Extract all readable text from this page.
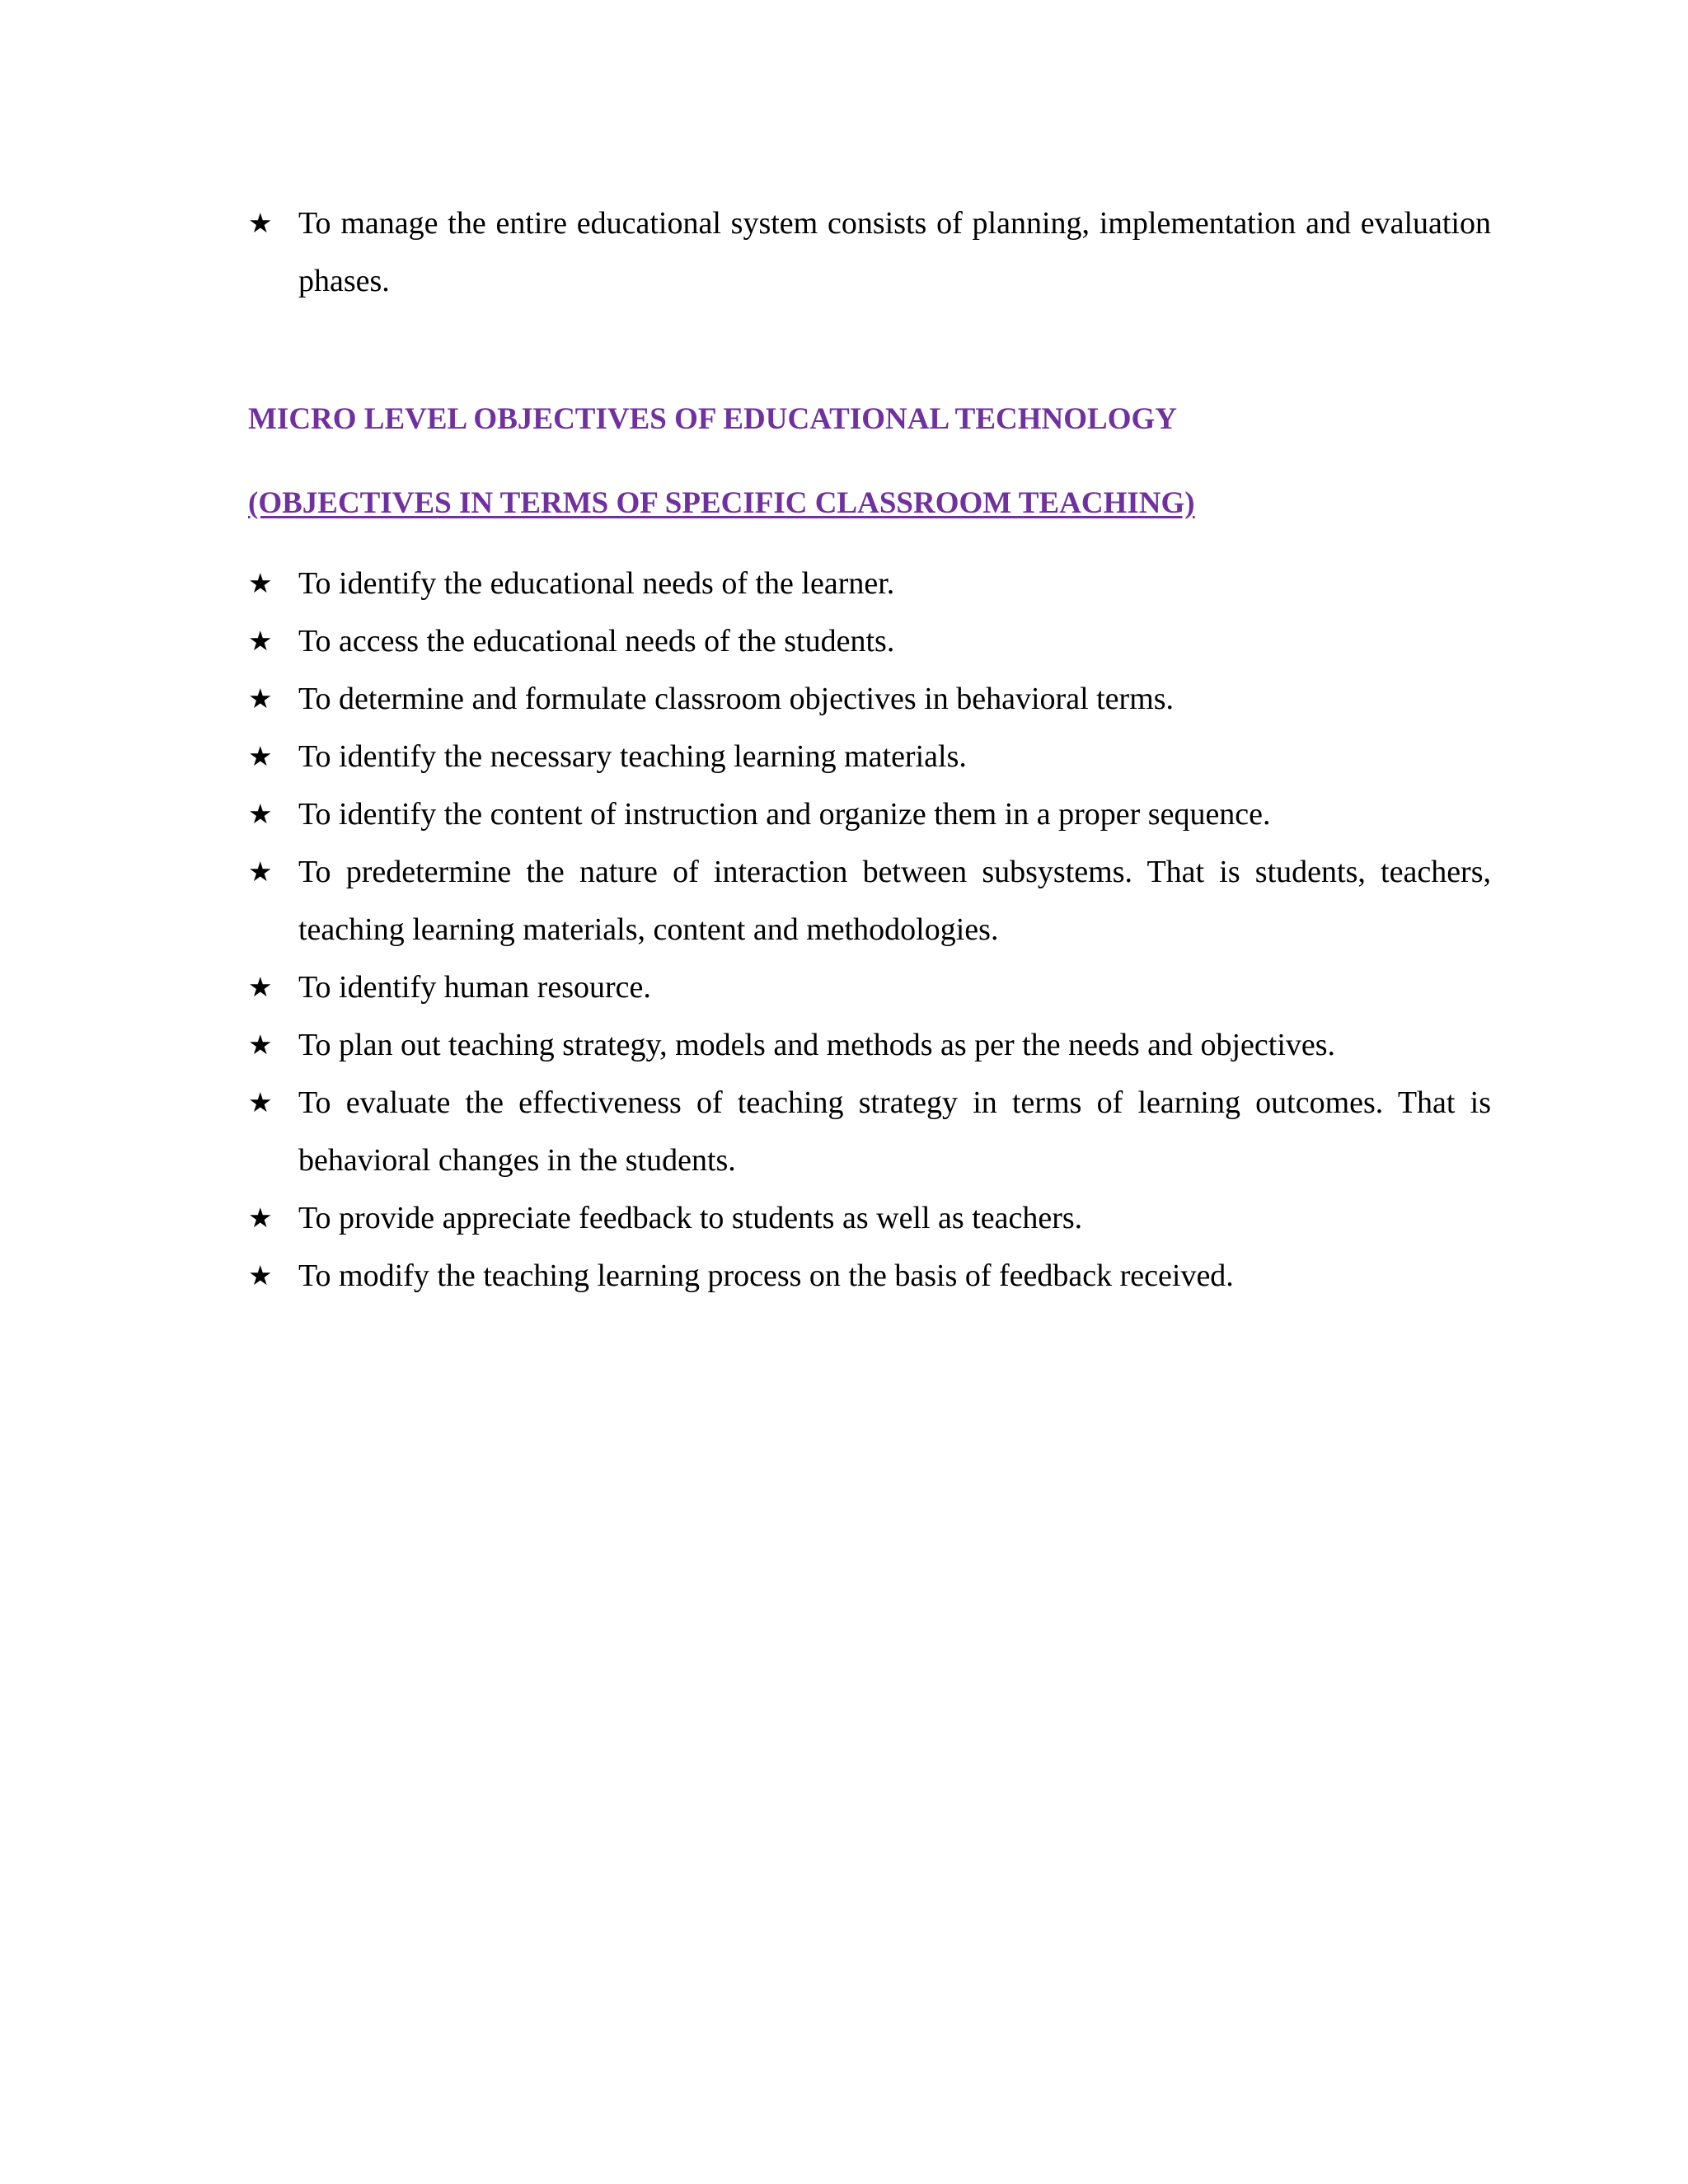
★ To manage the entire educational system consists of planning, implementation and evaluation phases.
MICRO LEVEL OBJECTIVES OF EDUCATIONAL TECHNOLOGY
(OBJECTIVES IN TERMS OF SPECIFIC CLASSROOM TEACHING)
★ To identify the educational needs of the learner.
★ To access the educational needs of the students.
★ To determine and formulate classroom objectives in behavioral terms.
★ To identify the necessary teaching learning materials.
★ To identify the content of instruction and organize them in a proper sequence.
★ To predetermine the nature of interaction between subsystems. That is students, teachers, teaching learning materials, content and methodologies.
★ To identify human resource.
★ To plan out teaching strategy, models and methods as per the needs and objectives.
★ To evaluate the effectiveness of teaching strategy in terms of learning outcomes. That is behavioral changes in the students.
★ To provide appreciate feedback to students as well as teachers.
★ To modify the teaching learning process on the basis of feedback received.
